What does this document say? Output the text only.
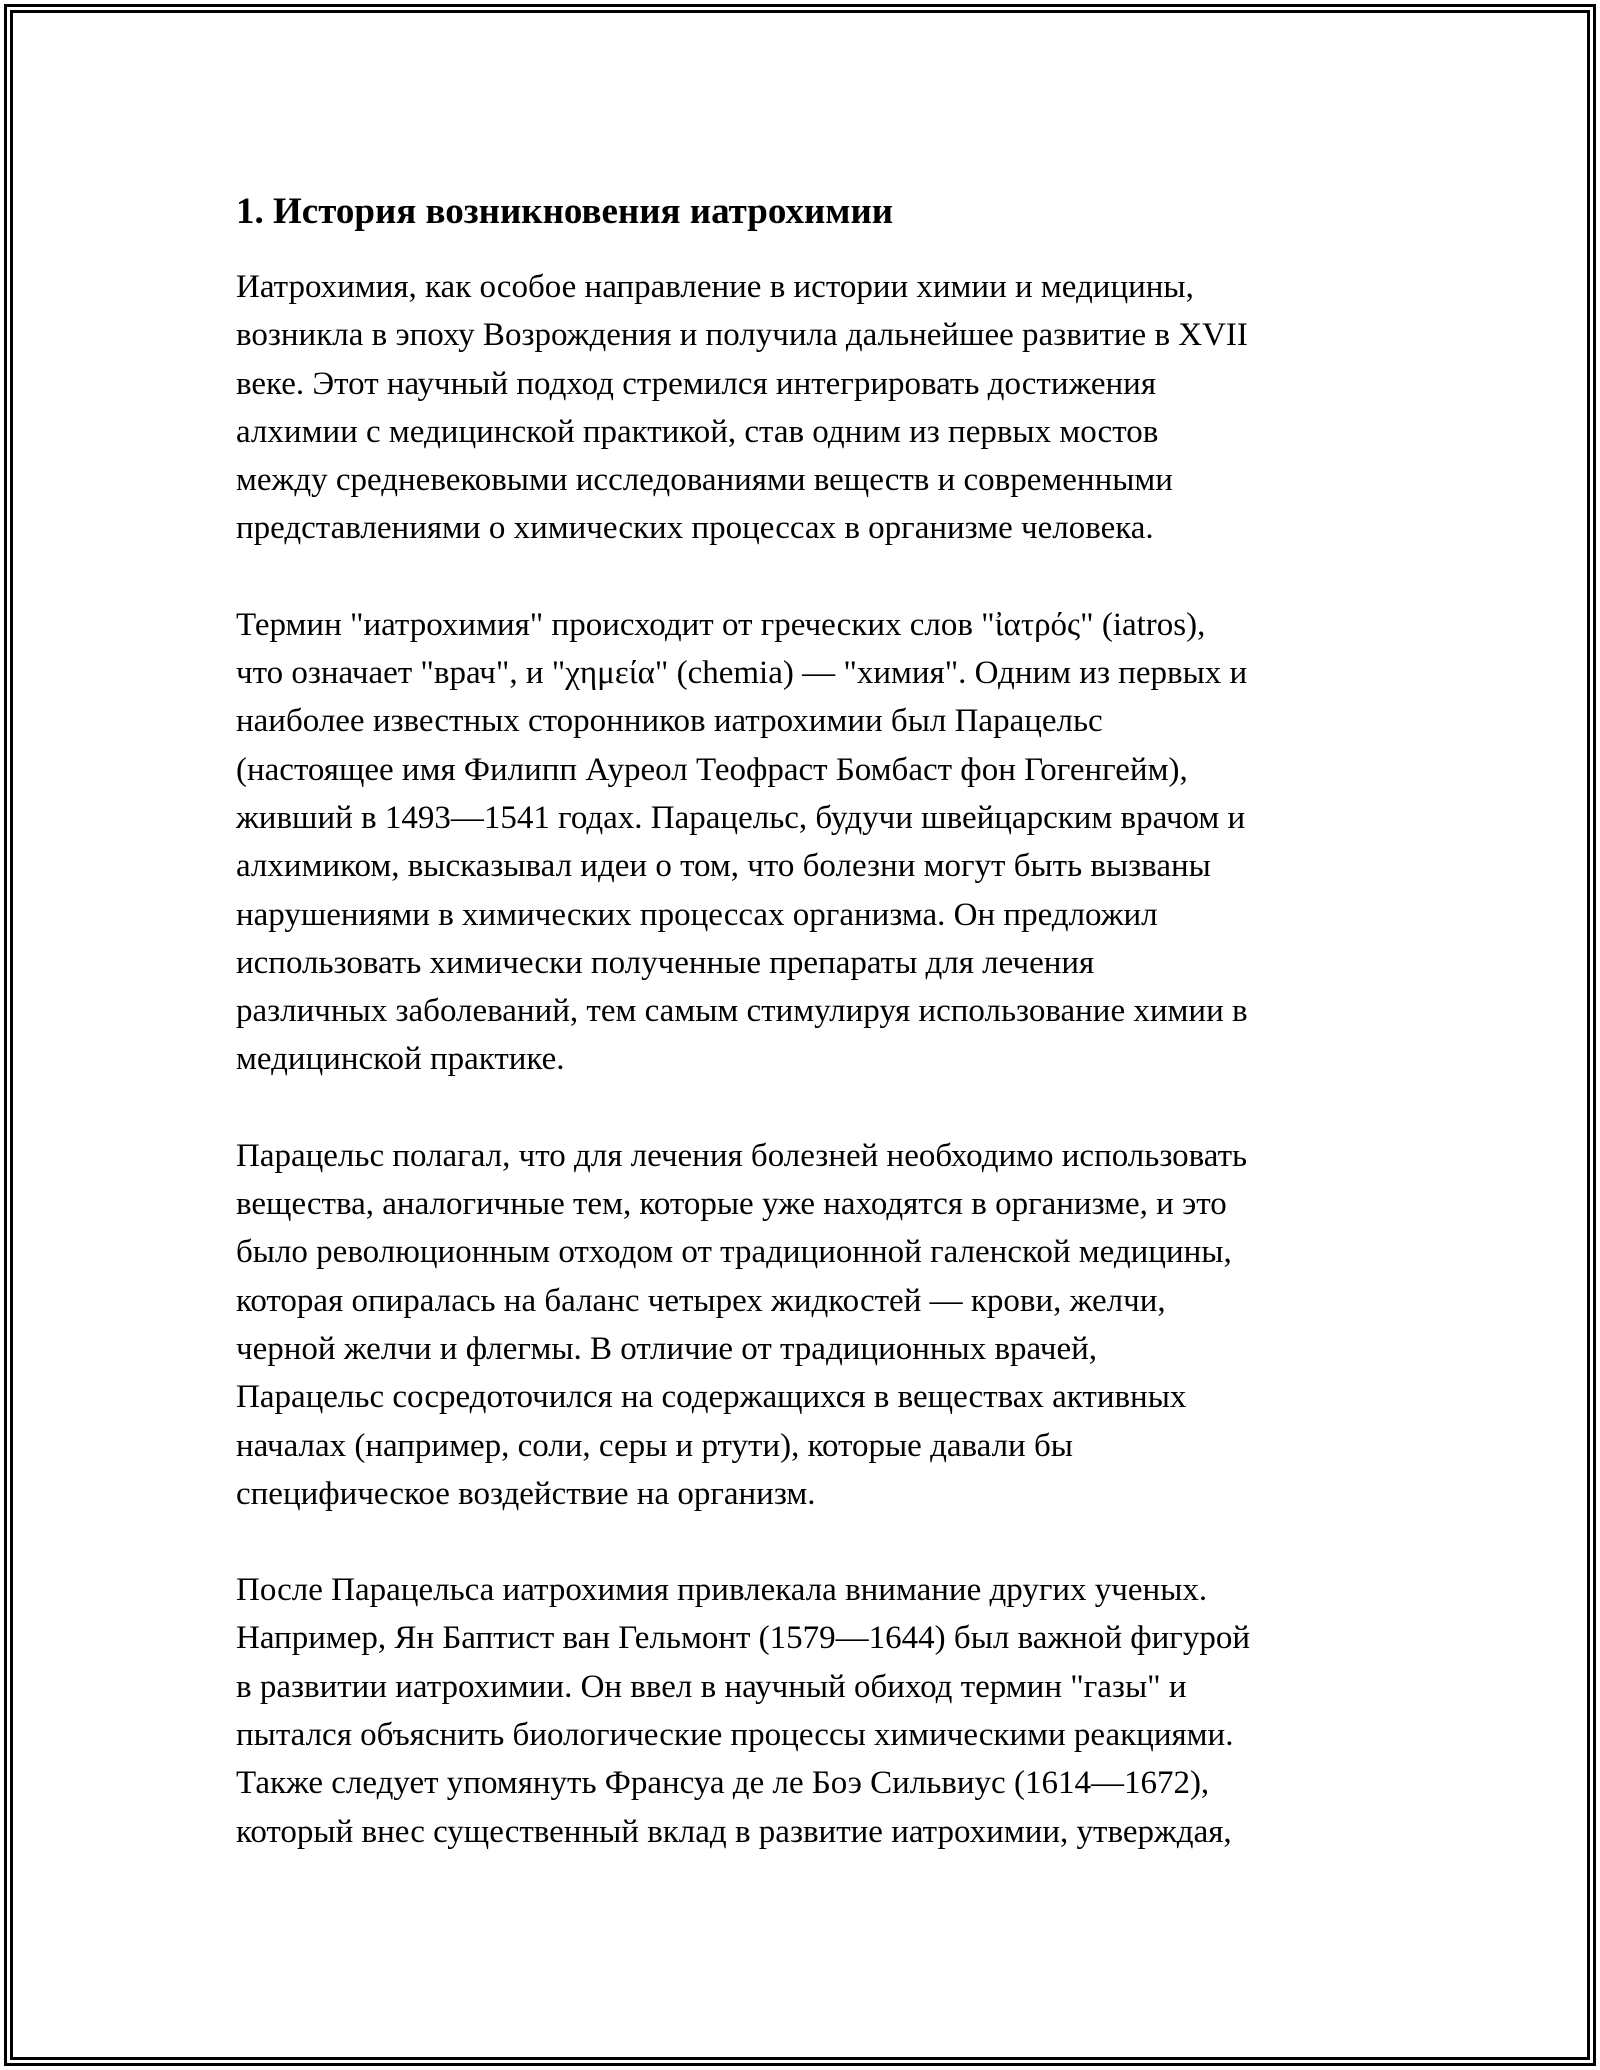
1. История возникновения иатрохимии

Иатрохимия, как особое направление в истории химии и медицины,
возникла в эпоху Возрождения и получила дальнейшее развитие в XVII
веке. Этот научный подход стремился интегрировать достижения
алхимии с медицинской практикой, став одним из первых мостов
между средневековыми исследованиями веществ и современными
представлениями о химических процессах в организме человека.

Термин "иатрохимия" происходит от греческих слов "ἰατρός" (iatros),
что означает "врач", и "χημεία" (chemia) — "химия". Одним из первых и
наиболее известных сторонников иатрохимии был Парацельс
(настоящее имя Филипп Ауреол Теофраст Бомбаст фон Гогенгейм),
живший в 1493—1541 годах. Парацельс, будучи швейцарским врачом и
алхимиком, высказывал идеи о том, что болезни могут быть вызваны
нарушениями в химических процессах организма. Он предложил
использовать химически полученные препараты для лечения
различных заболеваний, тем самым стимулируя использование химии в
медицинской практике.

Парацельс полагал, что для лечения болезней необходимо использовать
вещества, аналогичные тем, которые уже находятся в организме, и это
было революционным отходом от традиционной галенской медицины,
которая опиралась на баланс четырех жидкостей — крови, желчи,
черной желчи и флегмы. В отличие от традиционных врачей,
Парацельс сосредоточился на содержащихся в веществах активных
началах (например, соли, серы и ртути), которые давали бы
специфическое воздействие на организм.

После Парацельса иатрохимия привлекала внимание других ученых.
Например, Ян Баптист ван Гельмонт (1579—1644) был важной фигурой
в развитии иатрохимии. Он ввел в научный обиход термин "газы" и
пытался объяснить биологические процессы химическими реакциями.
Также следует упомянуть Франсуа де ле Боэ Сильвиус (1614—1672),
который внес существенный вклад в развитие иатрохимии, утверждая,
